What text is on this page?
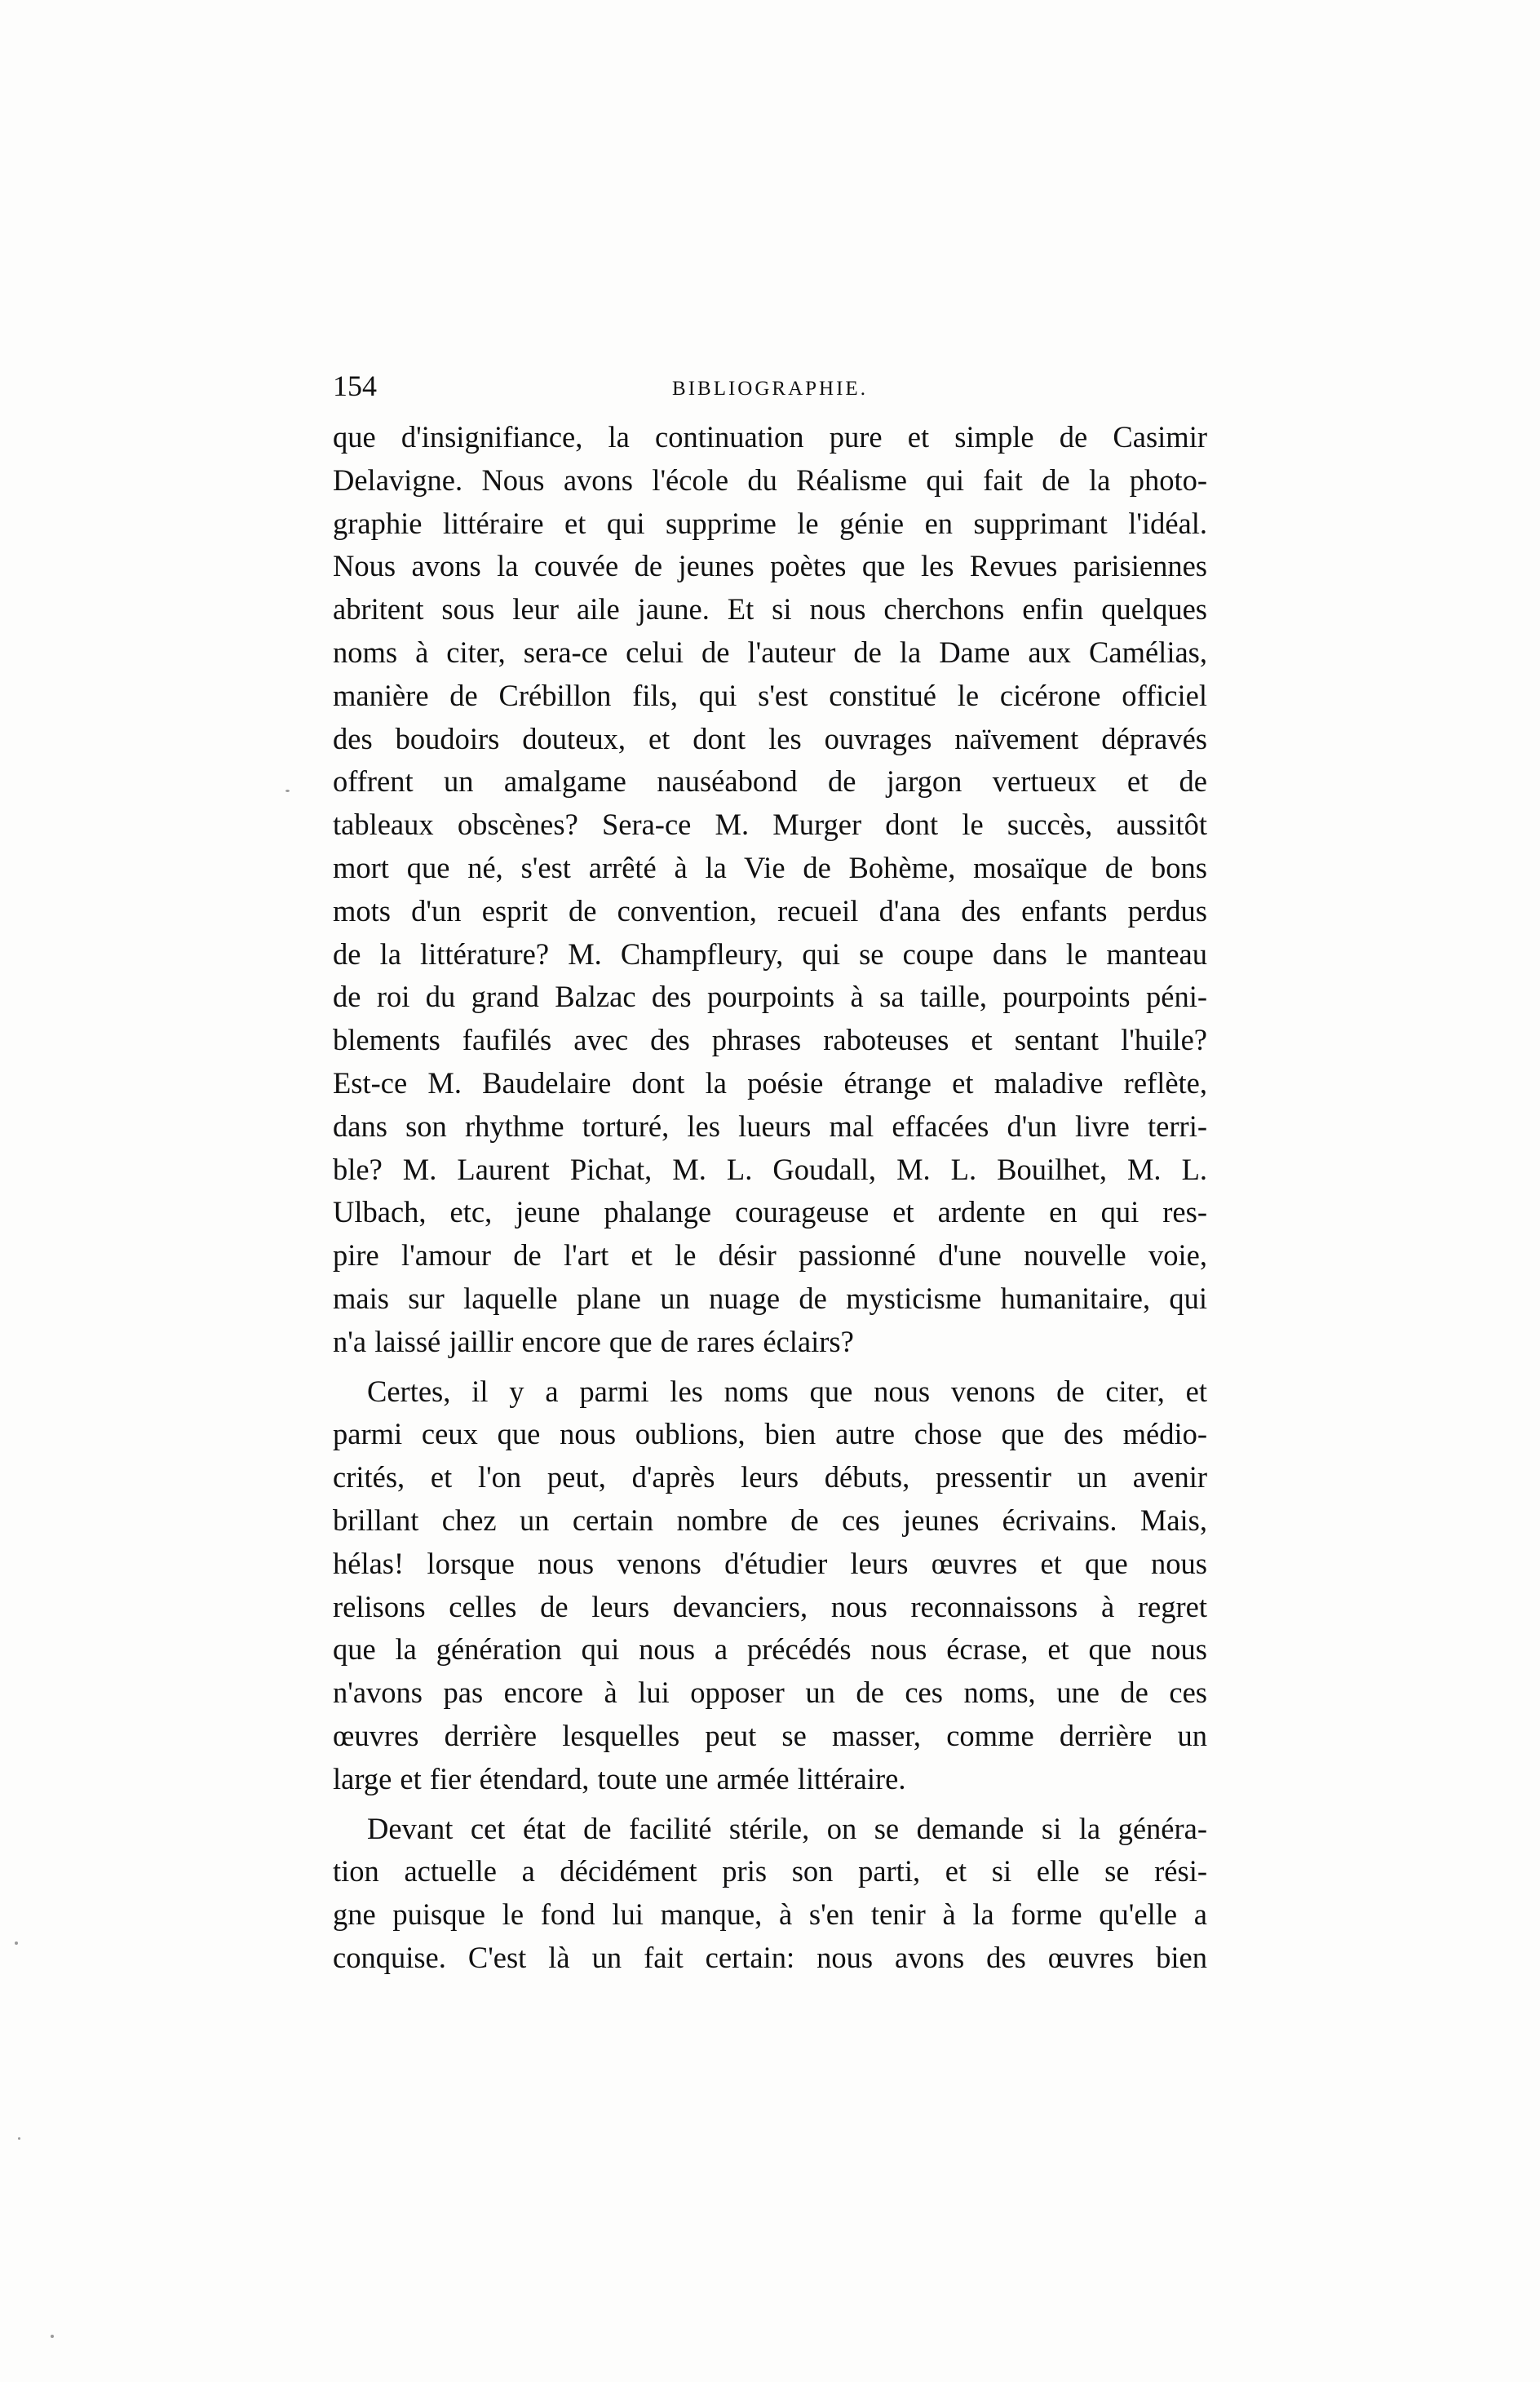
154	BIBLIOGRAPHIE.

que d'insignifiance, la continuation pure et simple de Casimir
Delavigne. Nous avons l'école du Réalisme qui fait de la photo-
graphie littéraire et qui supprime le génie en supprimant l'idéal.
Nous avons la couvée de jeunes poètes que les Revues parisiennes
abritent sous leur aile jaune. Et si nous cherchons enfin quelques
noms à citer, sera-ce celui de l'auteur de la Dame aux Camélias,
manière de Crébillon fils, qui s'est constitué le cicérone officiel
des boudoirs douteux, et dont les ouvrages naïvement dépravés
offrent un amalgame nauséabond de jargon vertueux et de
tableaux obscènes? Sera-ce M. Murger dont le succès, aussitôt
mort que né, s'est arrêté à la Vie de Bohème, mosaïque de bons
mots d'un esprit de convention, recueil d'ana des enfants perdus
de la littérature? M. Champfleury, qui se coupe dans le manteau
de roi du grand Balzac des pourpoints à sa taille, pourpoints péni-
blements faufilés avec des phrases raboteuses et sentant l'huile?
Est-ce M. Baudelaire dont la poésie étrange et maladive reflète,
dans son rhythme torturé, les lueurs mal effacées d'un livre terri-
ble? M. Laurent Pichat, M. L. Goudall, M. L. Bouilhet, M. L.
Ulbach, etc, jeune phalange courageuse et ardente en qui res-
pire l'amour de l'art et le désir passionné d'une nouvelle voie,
mais sur laquelle plane un nuage de mysticisme humanitaire, qui
n'a laissé jaillir encore que de rares éclairs?

Certes, il y a parmi les noms que nous venons de citer, et
parmi ceux que nous oublions, bien autre chose que des médio-
crités, et l'on peut, d'après leurs débuts, pressentir un avenir
brillant chez un certain nombre de ces jeunes écrivains. Mais,
hélas! lorsque nous venons d'étudier leurs œuvres et que nous
relisons celles de leurs devanciers, nous reconnaissons à regret
que la génération qui nous a précédés nous écrase, et que nous
n'avons pas encore à lui opposer un de ces noms, une de ces
œuvres derrière lesquelles peut se masser, comme derrière un
large et fier étendard, toute une armée littéraire.

Devant cet état de facilité stérile, on se demande si la généra-
tion actuelle a décidément pris son parti, et si elle se rési-
gne puisque le fond lui manque, à s'en tenir à la forme qu'elle a
conquise. C'est là un fait certain: nous avons des œuvres bien
